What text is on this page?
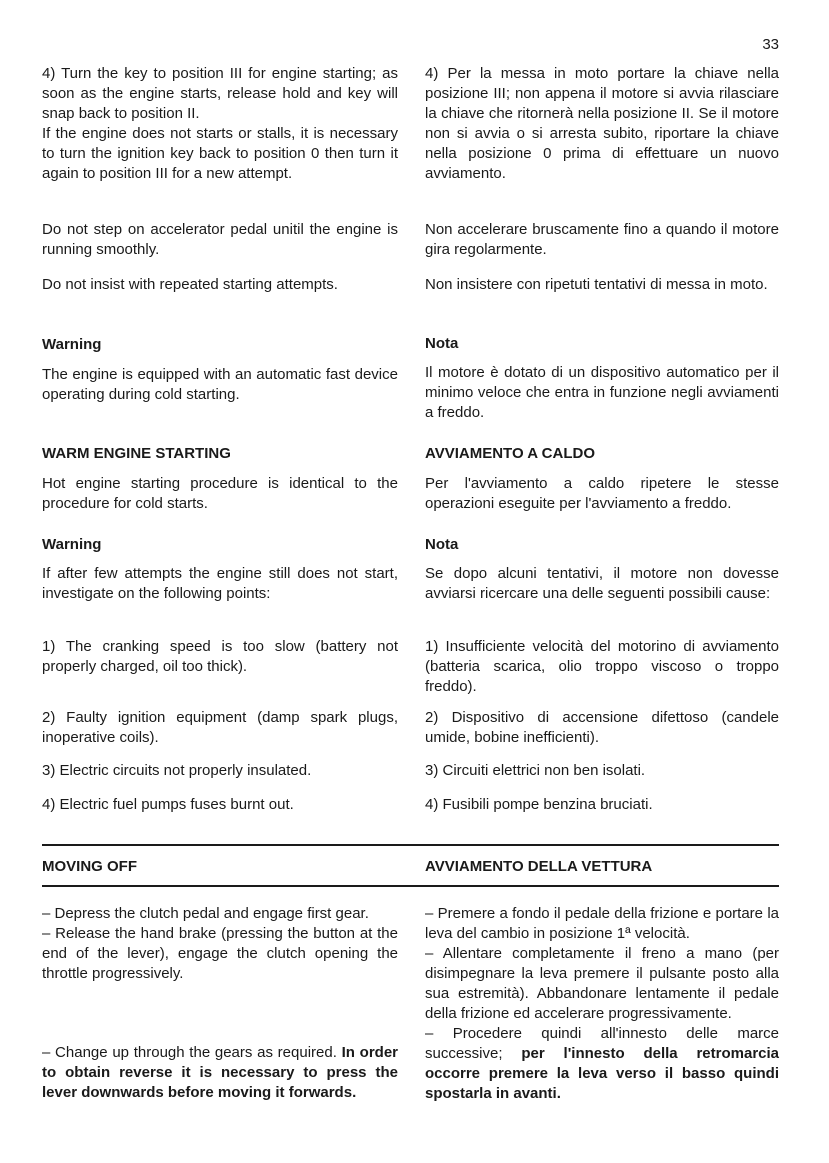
33

4) Turn the key to position III for engine starting; as soon as the engine starts, release hold and key will snap back to position II.
If the engine does not starts or stalls, it is necessary to turn the ignition key back to position 0 then turn it again to position III for a new attempt.

Do not step on accelerator pedal unitil the engine is running smoothly.

Do not insist with repeated starting attempts.

Warning

The engine is equipped with an automatic fast device operating during cold starting.

WARM ENGINE STARTING

Hot engine starting procedure is identical to the procedure for cold starts.

Warning

If after few attempts the engine still does not start, investigate on the following points:

1) The cranking speed is too slow (battery not properly charged, oil too thick).

2) Faulty ignition equipment (damp spark plugs, inoperative coils).

3) Electric circuits not properly insulated.

4) Electric fuel pumps fuses burnt out.

4) Per la messa in moto portare la chiave nella posizione III; non appena il motore si avvia rilasciare la chiave che ritornerà nella posizione II. Se il motore non si avvia o si arresta subito, riportare la chiave nella posizione 0 prima di effettuare un nuovo avviamento.

Non accelerare bruscamente fino a quando il motore gira regolarmente.

Non insistere con ripetuti tentativi di messa in moto.

Nota

Il motore è dotato di un dispositivo automatico per il minimo veloce che entra in funzione negli avviamenti a freddo.

AVVIAMENTO A CALDO

Per l'avviamento a caldo ripetere le stesse operazioni eseguite per l'avviamento a freddo.

Nota

Se dopo alcuni tentativi, il motore non dovesse avviarsi ricercare una delle seguenti possibili cause:

1) Insufficiente velocità del motorino di avviamento (batteria scarica, olio troppo viscoso o troppo freddo).

2) Dispositivo di accensione difettoso (candele umide, bobine inefficienti).

3) Circuiti elettrici non ben isolati.

4) Fusibili pompe benzina bruciati.

MOVING OFF	AVVIAMENTO DELLA VETTURA

– Depress the clutch pedal and engage first gear.
– Release the hand brake (pressing the button at the end of the lever), engage the clutch opening the throttle progressively.

– Change up through the gears as required. In order to obtain reverse it is necessary to press the lever downwards before moving it forwards.

– Premere a fondo il pedale della frizione e portare la leva del cambio in posizione 1ª velocità.
– Allentare completamente il freno a mano (per disimpegnare la leva premere il pulsante posto alla sua estremità). Abbandonare lentamente il pedale della frizione ed accelerare progressivamente.
– Procedere quindi all'innesto delle marce successive; per l'innesto della retromarcia occorre premere la leva verso il basso quindi spostarla in avanti.
